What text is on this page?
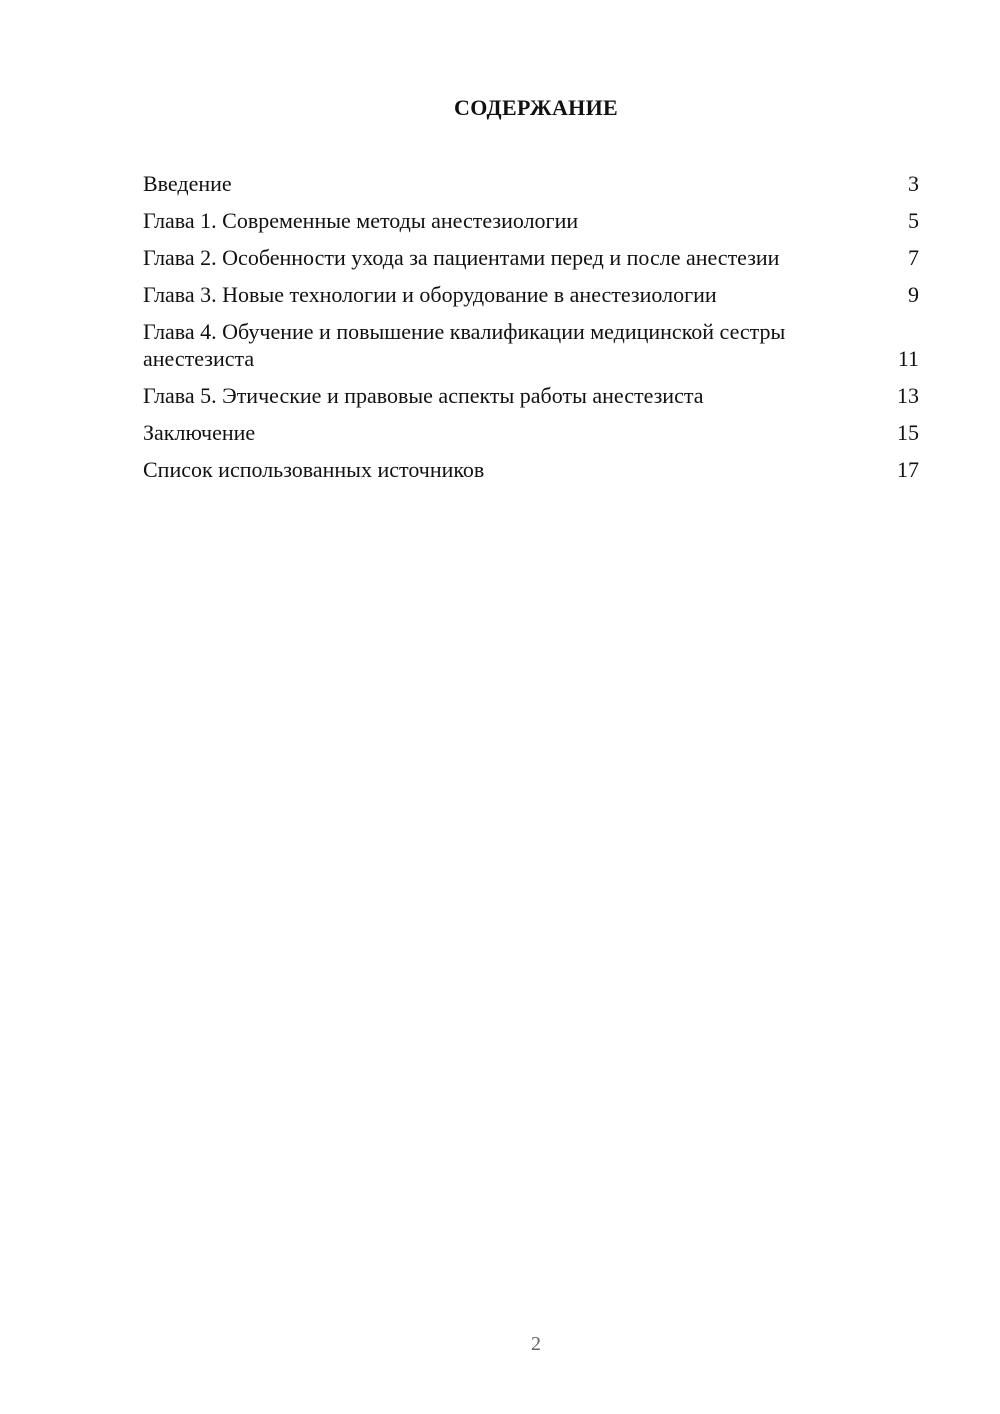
СОДЕРЖАНИЕ
Введение	3
Глава 1. Современные методы анестезиологии	5
Глава 2. Особенности ухода за пациентами перед и после анестезии	7
Глава 3. Новые технологии и оборудование в анестезиологии	9
Глава 4. Обучение и повышение квалификации медицинской сестры анестезиста	11
Глава 5. Этические и правовые аспекты работы анестезиста	13
Заключение	15
Список использованных источников	17
2
